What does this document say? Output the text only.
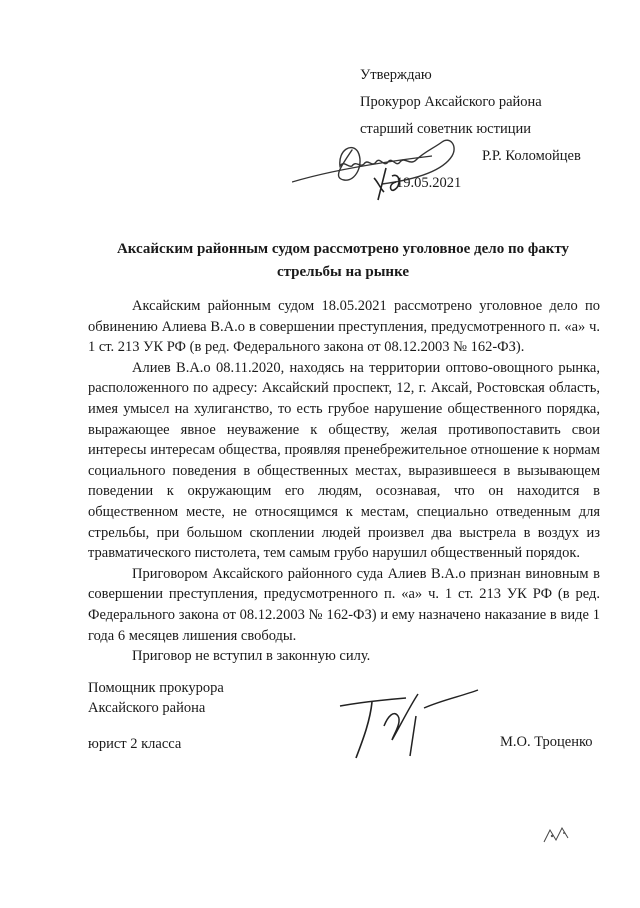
Утверждаю
Прокурор Аксайского района
старший советник юстиции
Р.Р. Коломойцев
19.05.2021
Аксайским районным судом рассмотрено уголовное дело по факту стрельбы на рынке

Аксайским районным судом 18.05.2021 рассмотрено уголовное дело по обвинению Алиева В.А.о в совершении преступления, предусмотренного п. «а» ч. 1 ст. 213 УК РФ (в ред. Федерального закона от 08.12.2003 № 162-ФЗ).

Алиев В.А.о 08.11.2020, находясь на территории оптово-овощного рынка, расположенного по адресу: Аксайский проспект, 12, г. Аксай, Ростовская область, имея умысел на хулиганство, то есть грубое нарушение общественного порядка, выражающее явное неуважение к обществу, желая противопоставить свои интересы интересам общества, проявляя пренебрежительное отношение к нормам социального поведения в общественных местах, выразившееся в вызывающем поведении к окружающим его людям, осознавая, что он находится в общественном месте, не относящимся к местам, специально отведенным для стрельбы, при большом скоплении людей произвел два выстрела в воздух из травматического пистолета, тем самым грубо нарушил общественный порядок.

Приговором Аксайского районного суда Алиев В.А.о признан виновным в совершении преступления, предусмотренного п. «а» ч. 1 ст. 213 УК РФ (в ред. Федерального закона от 08.12.2003 № 162-ФЗ) и ему назначено наказание в виде 1 года 6 месяцев лишения свободы.

Приговор не вступил в законную силу.

Помощник прокурора
Аксайского района
юрист 2 класса	М.О. Троценко
